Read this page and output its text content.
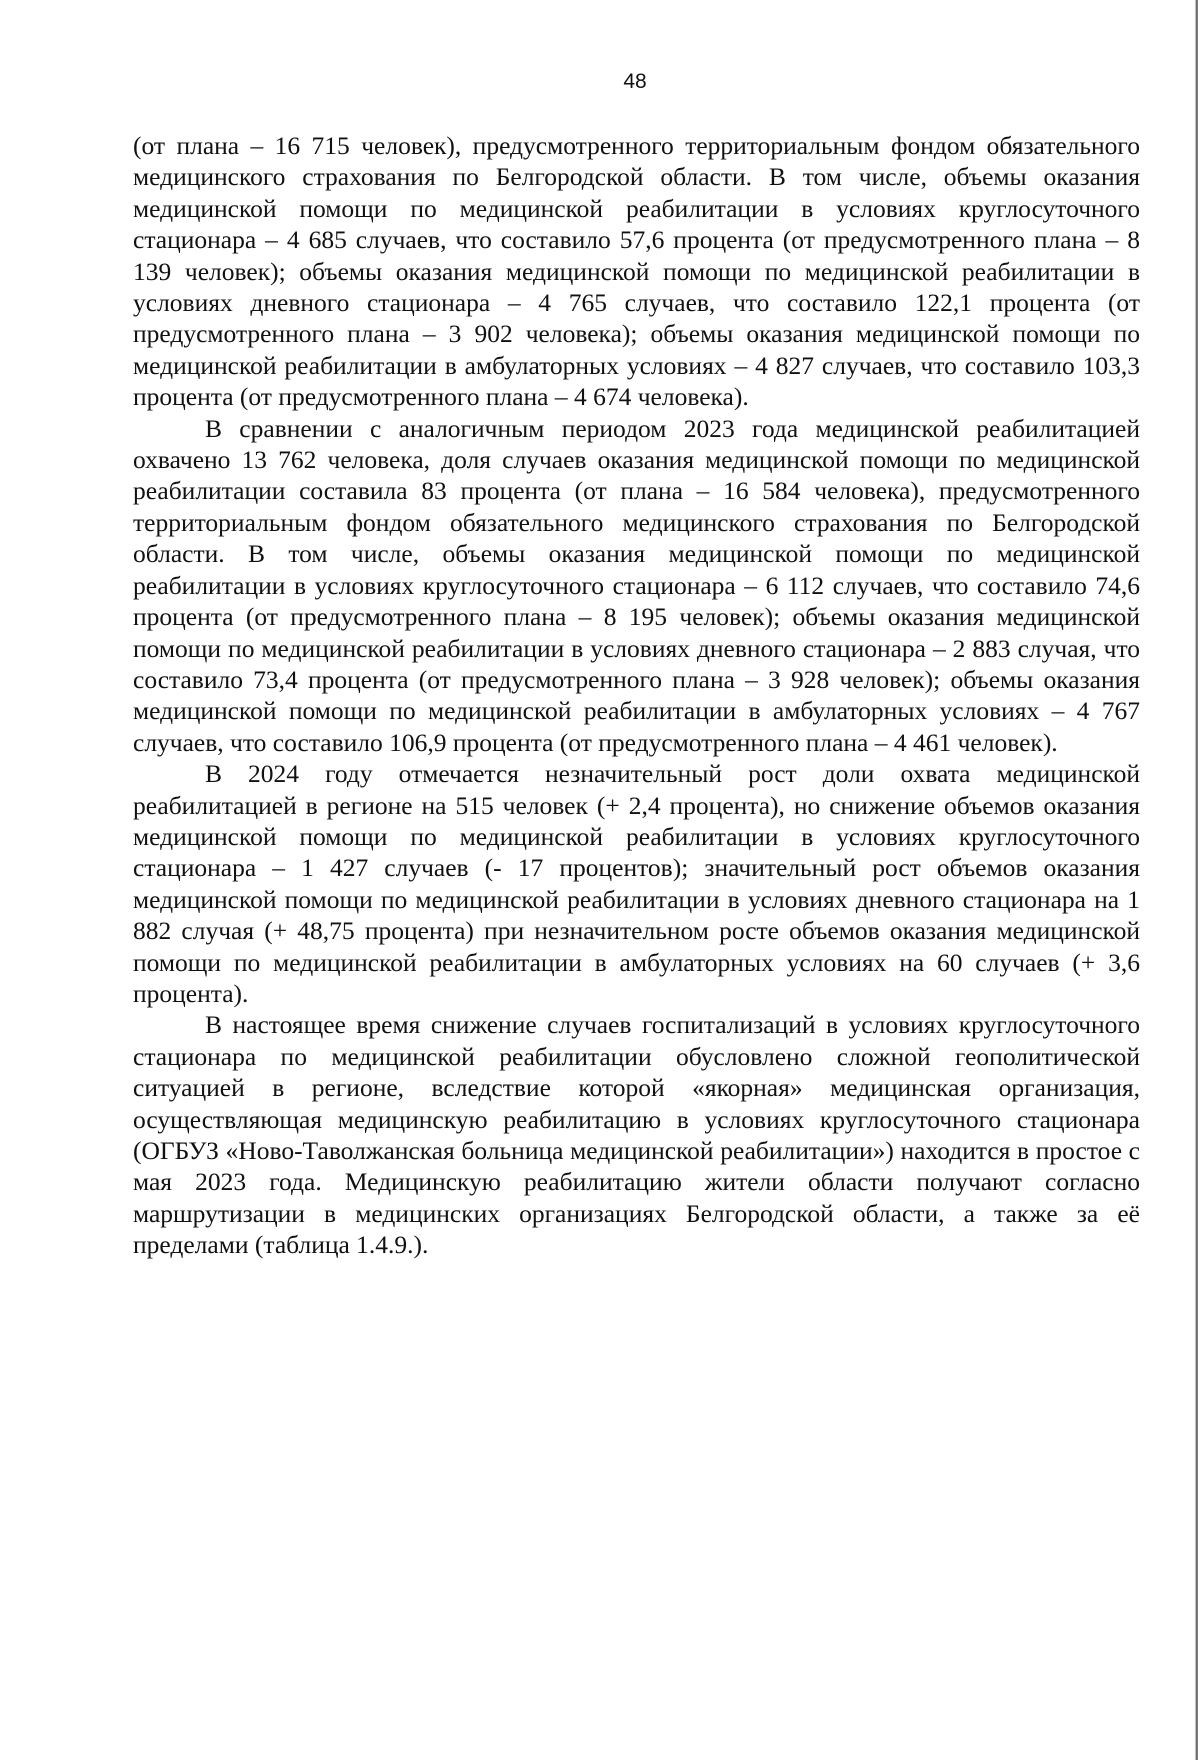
48

(от плана – 16 715 человек), предусмотренного территориальным фондом обязательного медицинского страхования по Белгородской области. В том числе, объемы оказания медицинской помощи по медицинской реабилитации в условиях круглосуточного стационара – 4 685 случаев, что составило 57,6 процента (от предусмотренного плана – 8 139 человек); объемы оказания медицинской помощи по медицинской реабилитации в условиях дневного стационара – 4 765 случаев, что составило 122,1 процента (от предусмотренного плана – 3 902 человека); объемы оказания медицинской помощи по медицинской реабилитации в амбулаторных условиях – 4 827 случаев, что составило 103,3 процента (от предусмотренного плана – 4 674 человека).

В сравнении с аналогичным периодом 2023 года медицинской реабилитацией охвачено 13 762 человека, доля случаев оказания медицинской помощи по медицинской реабилитации составила 83 процента (от плана – 16 584 человека), предусмотренного территориальным фондом обязательного медицинского страхования по Белгородской области. В том числе, объемы оказания медицинской помощи по медицинской реабилитации в условиях круглосуточного стационара – 6 112 случаев, что составило 74,6 процента (от предусмотренного плана – 8 195 человек); объемы оказания медицинской помощи по медицинской реабилитации в условиях дневного стационара – 2 883 случая, что составило 73,4 процента (от предусмотренного плана – 3 928 человек); объемы оказания медицинской помощи по медицинской реабилитации в амбулаторных условиях – 4 767 случаев, что составило 106,9 процента (от предусмотренного плана – 4 461 человек).

В 2024 году отмечается незначительный рост доли охвата медицинской реабилитацией в регионе на 515 человек (+ 2,4 процента), но снижение объемов оказания медицинской помощи по медицинской реабилитации в условиях круглосуточного стационара – 1 427 случаев (- 17 процентов); значительный рост объемов оказания медицинской помощи по медицинской реабилитации в условиях дневного стационара на 1 882 случая (+ 48,75 процента) при незначительном росте объемов оказания медицинской помощи по медицинской реабилитации в амбулаторных условиях на 60 случаев (+ 3,6 процента).

В настоящее время снижение случаев госпитализаций в условиях круглосуточного стационара по медицинской реабилитации обусловлено сложной геополитической ситуацией в регионе, вследствие которой «якорная» медицинская организация, осуществляющая медицинскую реабилитацию в условиях круглосуточного стационара (ОГБУЗ «Ново-Таволжанская больница медицинской реабилитации») находится в простое с мая 2023 года. Медицинскую реабилитацию жители области получают согласно маршрутизации в медицинских организациях Белгородской области, а также за её пределами (таблица 1.4.9.).
